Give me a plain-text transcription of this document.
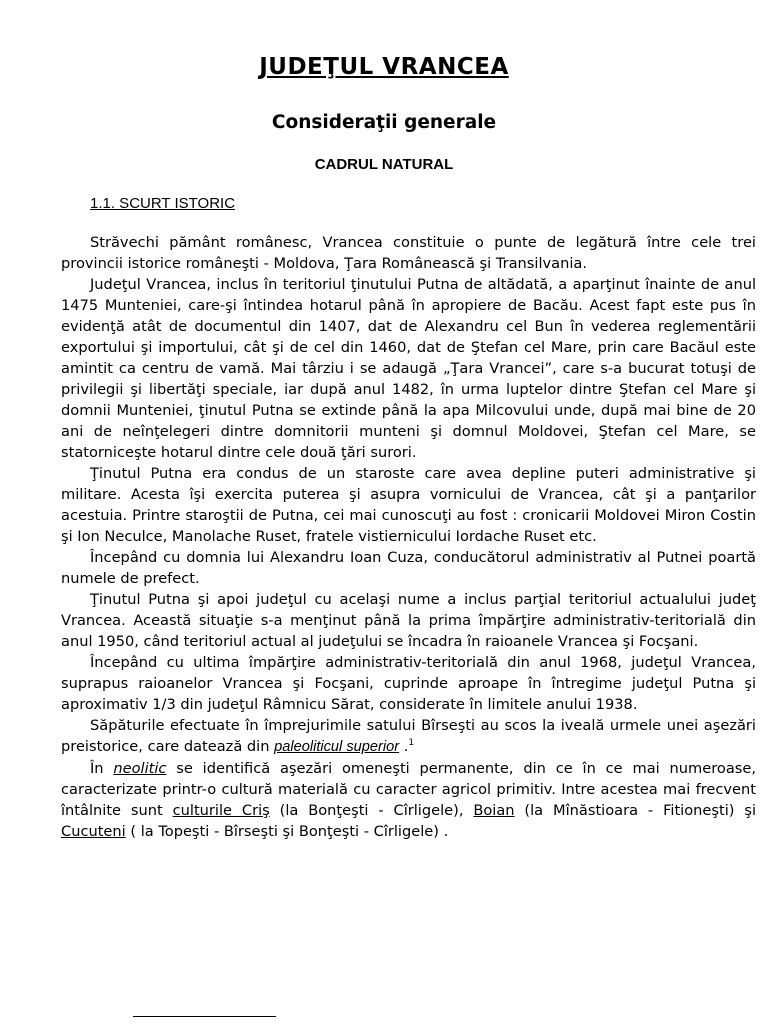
JUDEŢUL VRANCEA
Consideraţii generale
CADRUL NATURAL
1.1. SCURT ISTORIC

Străvechi pământ românesc, Vrancea constituie o punte de legătură între cele trei provincii istorice româneşti - Moldova, Ţara Românească şi Transilvania.

Judeţul Vrancea, inclus în teritoriul ţinutului Putna de altădată, a aparţinut înainte de anul 1475 Munteniei, care-şi întindea hotarul până în apropiere de Bacău. Acest fapt este pus în evidenţă atât de documentul din 1407, dat de Alexandru cel Bun în vederea reglementării exportului şi importului, cât şi de cel din 1460, dat de Ştefan cel Mare, prin care Bacăul este amintit ca centru de vamă. Mai târziu i se adaugă „Ţara Vrancei”, care s-a bucurat totuşi de privilegii şi libertăţi speciale, iar după anul 1482, în urma luptelor dintre Ştefan cel Mare şi domnii Munteniei, ţinutul Putna se extinde până la apa Milcovului unde, după mai bine de 20 ani de neînţelegeri dintre domnitorii munteni şi domnul Moldovei, Ştefan cel Mare, se statorniceşte hotarul dintre cele două ţări surori.

Ţinutul Putna era condus de un staroste care avea depline puteri administrative şi militare. Acesta îşi exercita puterea şi asupra vornicului de Vrancea, cât şi a panţarilor acestuia. Printre staroştii de Putna, cei mai cunoscuţi au fost : cronicarii Moldovei Miron Costin şi Ion Neculce, Manolache Ruset, fratele vistiernicului Iordache Ruset etc.

Începând cu domnia lui Alexandru Ioan Cuza, conducătorul administrativ al Putnei poartă numele de prefect.

Ţinutul Putna şi apoi judeţul cu acelaşi nume a inclus parţial teritoriul actualului judeţ Vrancea. Această situaţie s-a menţinut până la prima împărţire administrativ-teritorială din anul 1950, când teritoriul actual al judeţului se încadra în raioanele Vrancea şi Focşani.

Începând cu ultima împărţire administrativ-teritorială din anul 1968, judeţul Vrancea, suprapus raioanelor Vrancea şi Focşani, cuprinde aproape în întregime judeţul Putna şi aproximativ 1/3 din judeţul Râmnicu Sărat, considerate în limitele anului 1938.

Săpăturile efectuate în împrejurimile satului Bîrseşti au scos la iveală urmele unei aşezări preistorice, care datează din paleoliticul superior .$^1$

În neolitic se identifică aşezări omeneşti permanente, din ce în ce mai numeroase, caracterizate printr-o cultură materială cu caracter agricol primitiv. Intre acestea mai frecvent întâlnite sunt culturile Criş (la Bonţeşti - Cîrligele), Boian (la Mînăstioara - Fitioneşti) şi Cucuteni ( la Topeşti - Bîrseşti şi Bonţeşti - Cîrligele) .
